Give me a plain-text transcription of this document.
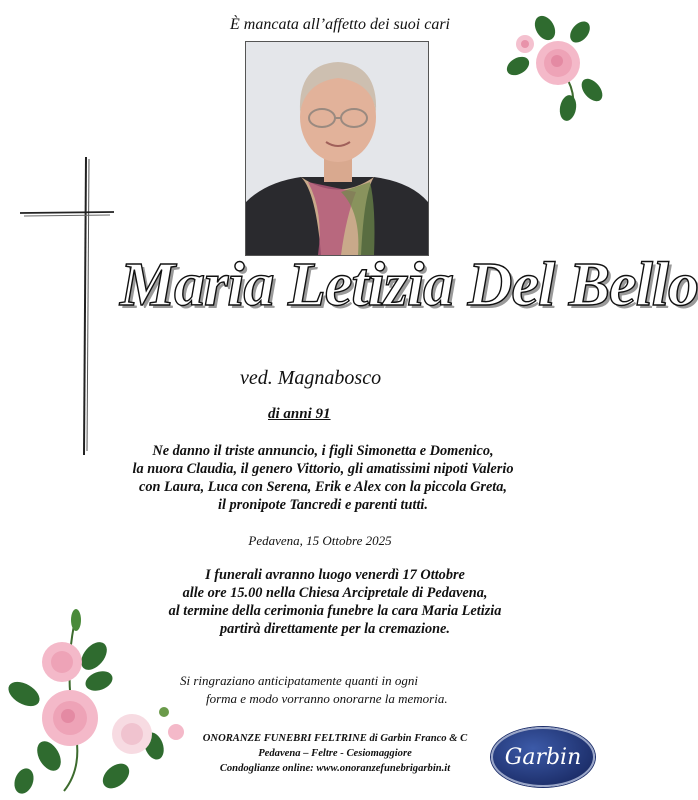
È mancata all’affetto dei suoi cari
Maria Letizia Del Bello
ved. Magnabosco
di anni 91
Ne danno il triste annuncio, i figli Simonetta e Domenico,
la nuora Claudia, il genero Vittorio, gli amatissimi nipoti Valerio
con Laura, Luca con Serena, Erik e Alex con la piccola Greta,
il pronipote Tancredi e parenti tutti.
Pedavena, 15 Ottobre 2025
I funerali avranno luogo venerdì 17 Ottobre
alle ore 15.00 nella Chiesa Arcipretale di Pedavena,
al termine della cerimonia funebre la cara Maria Letizia
partirà direttamente per la cremazione.
Si ringraziano anticipatamente quanti in ogni
forma e modo vorranno onorarne la memoria.
ONORANZE FUNEBRI FELTRINE di Garbin Franco & C
Pedavena – Feltre - Cesiomaggiore
Condoglianze online: www.onoranzefunebrigarbin.it	Garbin
